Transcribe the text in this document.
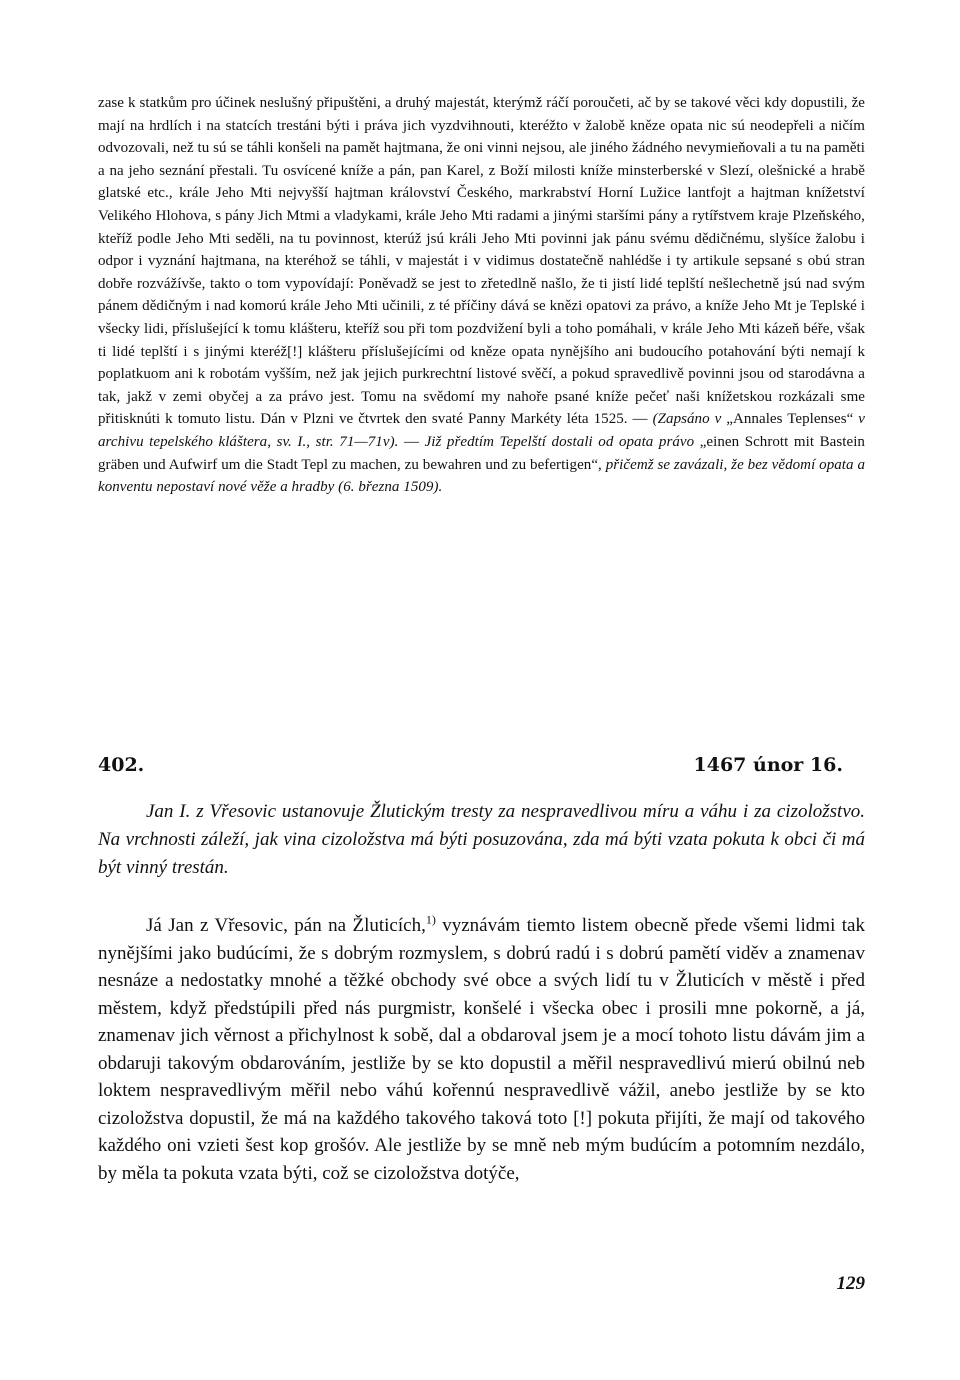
zase k statkům pro účinek neslušný připuštěni, a druhý majestát, kterýmž ráčí poroučeti, ač by se takové věci kdy dopustili, že mají na hrdlích i na statcích trestáni býti i práva jich vyzdvihnouti, kteréžto v žalobě kněze opata nic sú neodepřeli a ničím odvozovali, než tu sú se táhli konšeli na pamět hajtmana, že oni vinni nejsou, ale jiného žádného nevymieňovali a tu na paměti a na jeho seznání přestali. Tu osvícené kníže a pán, pan Karel, z Boží milosti kníže minsterberské v Slezí, olešnické a hrabě glatské etc., krále Jeho Mti nejvyšší hajtman království Českého, markrabství Horní Lužice lantfojt a hajtman knížetství Velikého Hlohova, s pány Jich Mtmi a vladykami, krále Jeho Mti radami a jinými staršími pány a rytířstvem kraje Plzeňského, kteříž podle Jeho Mti seděli, na tu povinnost, kterúž jsú králi Jeho Mti povinni jak pánu svému dědičnému, slyšíce žalobu i odpor i vyznání hajtmana, na kteréhož se táhli, v majestát i v vidimus dostatečně nahlédše i ty artikule sepsané s obú stran dobře rozvážívše, takto o tom vypovídají: Poněvadž se jest to zřetedlně našlo, že ti jistí lidé teplští nešlechetně jsú nad svým pánem dědičným i nad komorú krále Jeho Mti učinili, z té příčiny dává se knězi opatovi za právo, a kníže Jeho Mt je Teplské i všecky lidi, příslušející k tomu klášteru, kteříž sou při tom pozdvižení byli a toho pomáhali, v krále Jeho Mti kázeň béře, však ti lidé teplští i s jinými kteréž[!] klášteru příslušejícími od kněze opata nynějšího ani budoucího potahování býti nemají k poplatkuom ani k robotám vyšším, než jak jejich purkrechtní listové svěčí, a pokud spravedlivě povinni jsou od starodávna a tak, jakž v zemi obyčej a za právo jest. Tomu na svědomí my nahoře psané kníže pečeť naši knížetskou rozkázali sme přitisknúti k tomuto listu. Dán v Plzni ve čtvrtek den svaté Panny Markéty léta 1525. — (Zapsáno v „Annales Teplenses“ v archivu tepelského kláštera, sv. I., str. 71—71v). — Již předtím Tepelští dostali od opata právo „einen Schrott mit Bastein gräben und Aufwirf um die Stadt Tepl zu machen, zu bewahren und zu befertigen“, přičemž se zavázali, že bez vědomí opata a konventu nepostaví nové věže a hradby (6. března 1509).

402.	1467 únor 16.

Jan I. z Vřesovic ustanovuje Žlutickým tresty za nespravedlivou míru a váhu i za cizoložstvo. Na vrchnosti záleží, jak vina cizoložstva má býti posuzována, zda má býti vzata pokuta k obci či má být vinný trestán.

Já Jan z Vřesovic, pán na Žluticích,$^{1)}$ vyznávám tiemto listem obecně přede všemi lidmi tak nynějšími jako budúcími, že s dobrým rozmyslem, s dobrú radú i s dobrú pamětí viděv a znamenav nesnáze a nedostatky mnohé a těžké obchody své obce a svých lidí tu v Žluticích v městě i před městem, když předstúpili před nás purgmistr, konšelé i všecka obec i prosili mne pokorně, a já, znamenav jich věrnost a přichylnost k sobě, dal a obdaroval jsem je a mocí tohoto listu dávám jim a obdaruji takovým obdarováním, jestliže by se kto dopustil a měřil nespravedlivú mierú obilnú neb loktem nespravedlivým měřil nebo váhú kořennú nespravedlivě vážil, anebo jestliže by se kto cizoložstva dopustil, že má na každého takového taková toto [!] pokuta přijíti, že mají od takového každého oni vzieti šest kop grošóv. Ale jestliže by se mně neb mým budúcím a potomním nezdálo, by měla ta pokuta vzata býti, což se cizoložstva dotýče,

129
